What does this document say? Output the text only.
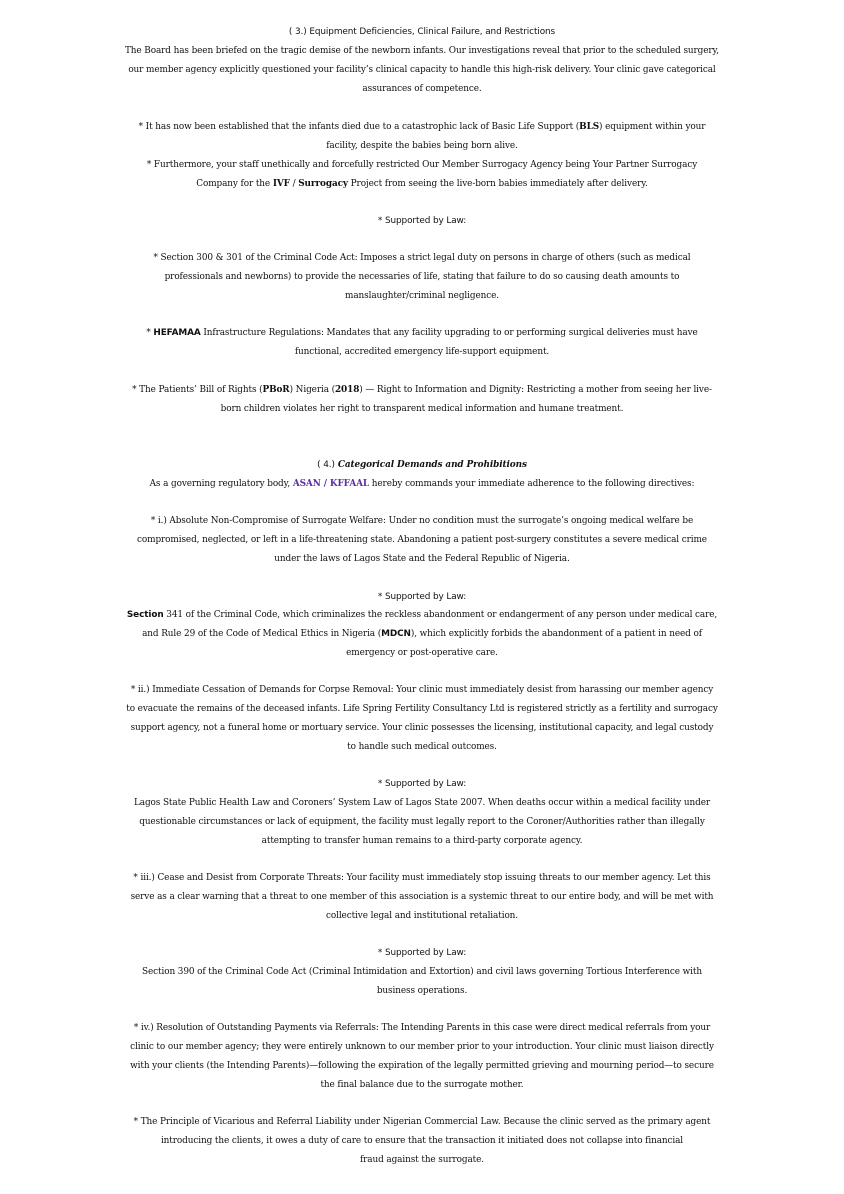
( 3.) Equipment Deficiencies, Clinical Failure, and Restrictions
The Board has been briefed on the tragic demise of the newborn infants. Our investigations reveal that prior to the scheduled surgery,
our member agency explicitly questioned your facility’s clinical capacity to handle this high-risk delivery. Your clinic gave categorical
assurances of competence.
* It has now been established that the infants died due to a catastrophic lack of Basic Life Support (BLS) equipment within your
facility, despite the babies being born alive.
* Furthermore, your staff unethically and forcefully restricted Our Member Surrogacy Agency being Your Partner Surrogacy
Company for the IVF / Surrogacy Project from seeing the live-born babies immediately after delivery.
* Supported by Law:
* Section 300 & 301 of the Criminal Code Act: Imposes a strict legal duty on persons in charge of others (such as medical
professionals and newborns) to provide the necessaries of life, stating that failure to do so causing death amounts to
manslaughter/criminal negligence.
* HEFAMAA Infrastructure Regulations: Mandates that any facility upgrading to or performing surgical deliveries must have
functional, accredited emergency life-support equipment.
* The Patients’ Bill of Rights (PBoR) Nigeria (2018) — Right to Information and Dignity: Restricting a mother from seeing her live-
born children violates her right to transparent medical information and humane treatment.
( 4.) Categorical Demands and Prohibitions
As a governing regulatory body, ASAN / KFFAAL hereby commands your immediate adherence to the following directives:
* i.) Absolute Non-Compromise of Surrogate Welfare: Under no condition must the surrogate’s ongoing medical welfare be
compromised, neglected, or left in a life-threatening state. Abandoning a patient post-surgery constitutes a severe medical crime
under the laws of Lagos State and the Federal Republic of Nigeria.
* Supported by Law:
Section 341 of the Criminal Code, which criminalizes the reckless abandonment or endangerment of any person under medical care,
and Rule 29 of the Code of Medical Ethics in Nigeria (MDCN), which explicitly forbids the abandonment of a patient in need of
emergency or post-operative care.
* ii.) Immediate Cessation of Demands for Corpse Removal: Your clinic must immediately desist from harassing our member agency
to evacuate the remains of the deceased infants. Life Spring Fertility Consultancy Ltd is registered strictly as a fertility and surrogacy
support agency, not a funeral home or mortuary service. Your clinic possesses the licensing, institutional capacity, and legal custody
to handle such medical outcomes.
* Supported by Law:
Lagos State Public Health Law and Coroners’ System Law of Lagos State 2007. When deaths occur within a medical facility under
questionable circumstances or lack of equipment, the facility must legally report to the Coroner/Authorities rather than illegally
attempting to transfer human remains to a third-party corporate agency.
* iii.) Cease and Desist from Corporate Threats: Your facility must immediately stop issuing threats to our member agency. Let this
serve as a clear warning that a threat to one member of this association is a systemic threat to our entire body, and will be met with
collective legal and institutional retaliation.
* Supported by Law:
Section 390 of the Criminal Code Act (Criminal Intimidation and Extortion) and civil laws governing Tortious Interference with
business operations.
* iv.) Resolution of Outstanding Payments via Referrals: The Intending Parents in this case were direct medical referrals from your
clinic to our member agency; they were entirely unknown to our member prior to your introduction. Your clinic must liaison directly
with your clients (the Intending Parents)—following the expiration of the legally permitted grieving and mourning period—to secure
the final balance due to the surrogate mother.
* The Principle of Vicarious and Referral Liability under Nigerian Commercial Law. Because the clinic served as the primary agent
introducing the clients, it owes a duty of care to ensure that the transaction it initiated does not collapse into financial
fraud against the surrogate.
